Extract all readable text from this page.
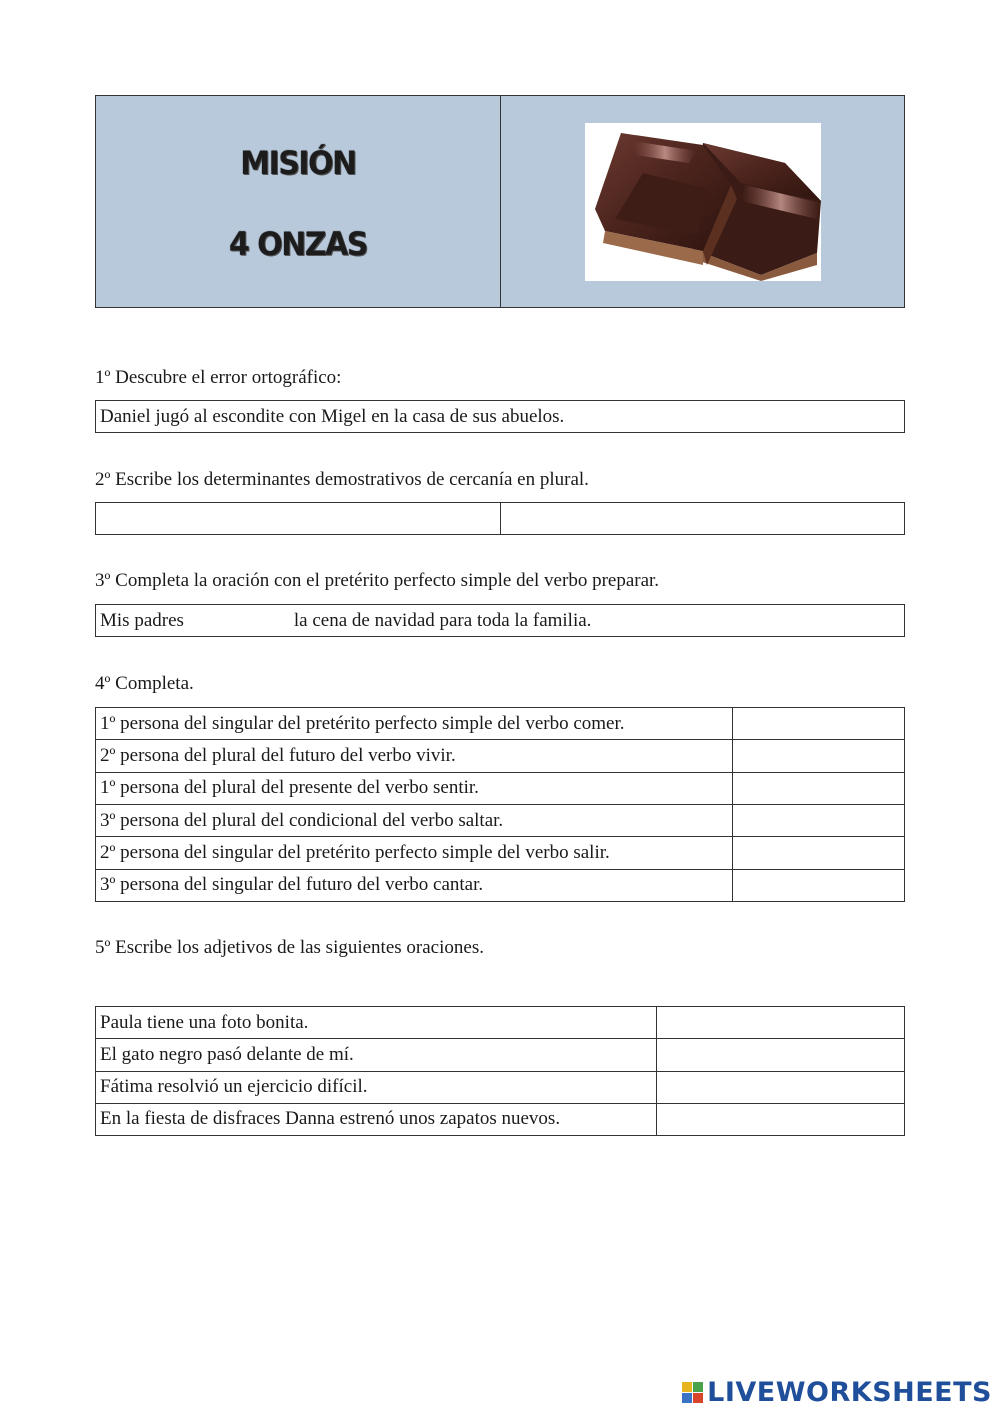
MISIÓN
4 ONZAS

1º Descubre el error ortográfico:
Daniel jugó al escondite con Migel en la casa de sus abuelos.
2º Escribe los determinantes demostrativos de cercanía en plural.

3º Completa la oración con el pretérito perfecto simple del verbo preparar.
Mis padres	la cena de navidad para toda la familia.
4º Completa.
1º persona del singular del pretérito perfecto simple del verbo comer.	
2º persona del plural del futuro del verbo vivir.	
1º persona del plural del presente del verbo sentir.	
3º persona del plural del condicional del verbo saltar.	
2º persona del singular del pretérito perfecto simple del verbo salir.	
3º persona del singular del futuro del verbo cantar.	
5º Escribe los adjetivos de las siguientes oraciones.
Paula tiene una foto bonita.	
El gato negro pasó delante de mí.	
Fátima resolvió un ejercicio difícil.	
En la fiesta de disfraces Danna estrenó unos zapatos nuevos.	
LIVEWORKSHEETS
